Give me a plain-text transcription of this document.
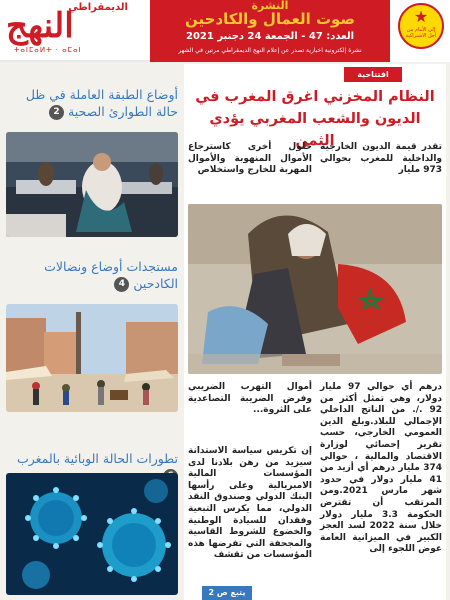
الديمقراطي
النهج
ⵜⴰⵏⵎⴰⵍⵜ · ⴰⵎⴰⵏ
النشرة
صوت العمال والكادحين
العدد: 47 - الجمعة 24 دجنبر 2021
نشرة إلكترونية اخبارية تصدر عن إعلام النهج الديمقراطي مرتين في الشهر
★
إلى الأمام من أجل الاشتراكية
أوضاع الطبقة العاملة في ظل حالة الطوارئ الصحية 2
مستجدات أوضاع ونضالات الكادحين 4
تطورات الحالة الوبائية بالمغرب
افتتاحية
النظام المخزني اغرق المغرب في الديون والشعب المغربي يؤدي الثمن
تقدر قيمة الديون الخارجية والداخلية للمغرب بحوالي 973 مليار
حلول أخرى كاسترجاع الأموال المنهوبة والأموال المهربة للخارج واستخلاص
درهم أي حوالي 97 مليار دولار، وهي تمثل أكثر من 92 ./. من الناتج الداخلي الإجمالي للبلاد.وبلغ الدين العمومي الخارجي، حسب تقرير إحصائي لوزارة الاقتصاد والمالية ، حوالي 374 مليار درهم أي أزيد من 41 مليار دولار في حدود شهر مارس 2021.ومن المرتقب أن تقترض الحكومة 3.3 مليار دولار خلال سنة 2022 لسد العجز الكبير في الميزانية العامة عوض اللجوء إلى
أموال التهرب الضريبي وفرض الضريبة التصاعدية على الثروة...
إن تكريس سياسة الاستدانة سيزيد من رهن بلادنا لدى المؤسسات المالية الامبريالية وعلى رأسها البنك الدولي وصندوق النقد الدولي، مما يكرس التبعية وفقدان للسيادة الوطنية والخضوع للشروط القاسية والمجحفة التي تفرضها هذه المؤسسات من تقشف
يتبع ص 2
